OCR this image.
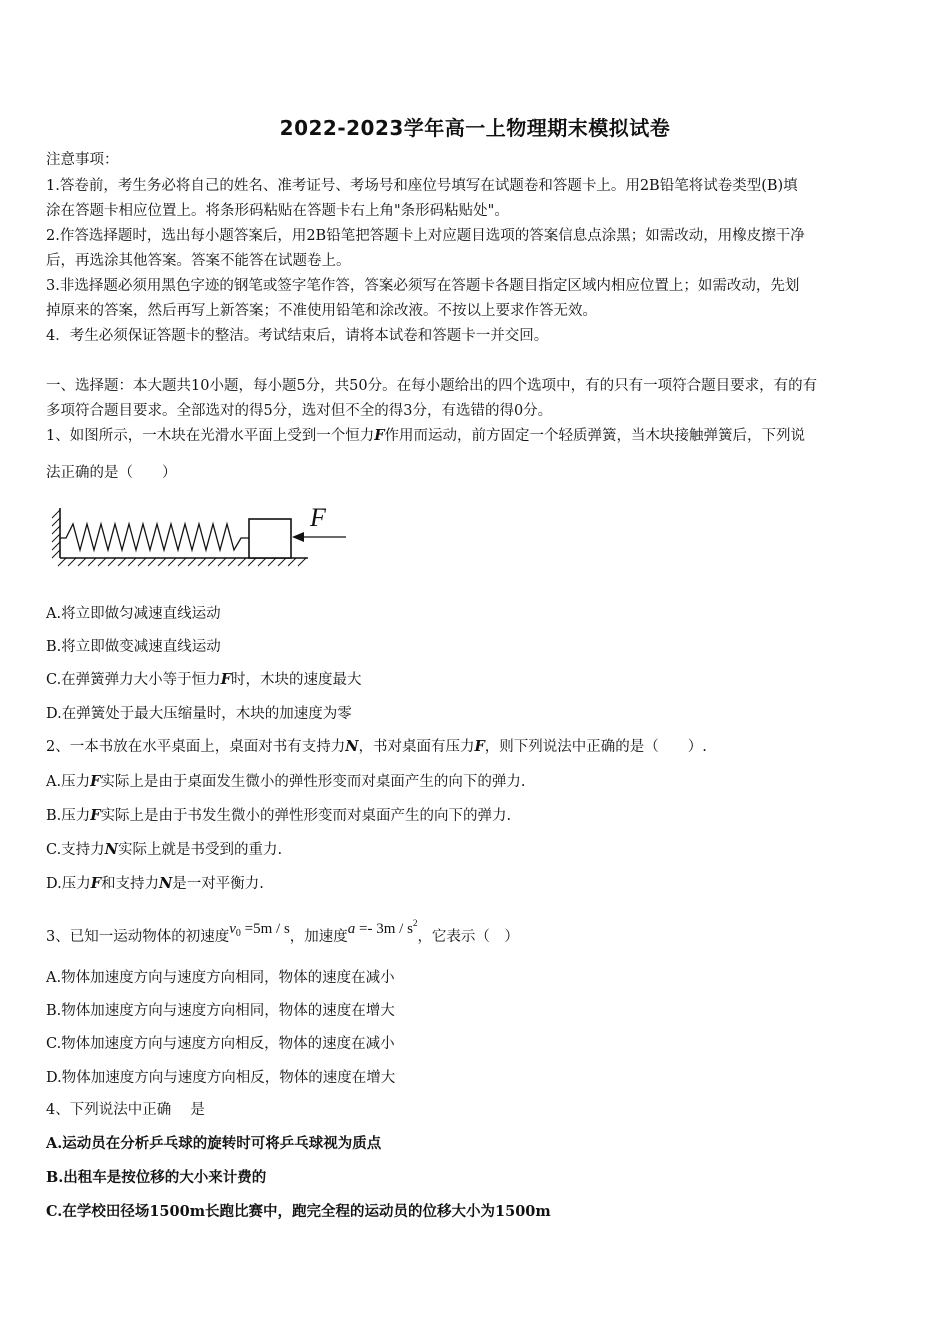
2022-2023学年高一上物理期末模拟试卷
注意事项：
1.答卷前，考生务必将自己的姓名、准考证号、考场号和座位号填写在试题卷和答题卡上。用2B铅笔将试卷类型(B)填
涂在答题卡相应位置上。将条形码粘贴在答题卡右上角"条形码粘贴处"。
2.作答选择题时，选出每小题答案后，用2B铅笔把答题卡上对应题目选项的答案信息点涂黑；如需改动，用橡皮擦干净
后，再选涂其他答案。答案不能答在试题卷上。
3.非选择题必须用黑色字迹的钢笔或签字笔作答，答案必须写在答题卡各题目指定区域内相应位置上；如需改动，先划
掉原来的答案，然后再写上新答案；不准使用铅笔和涂改液。不按以上要求作答无效。
4．考生必须保证答题卡的整洁。考试结束后，请将本试卷和答题卡一并交回。
一、选择题：本大题共10小题，每小题5分，共50分。在每小题给出的四个选项中，有的只有一项符合题目要求，有的有
多项符合题目要求。全部选对的得5分，选对但不全的得3分，有选错的得0分。
1、如图所示，一木块在光滑水平面上受到一个恒力F作用而运动，前方固定一个轻质弹簧，当木块接触弹簧后，下列说
法正确的是（　　）
F
A.将立即做匀减速直线运动
B.将立即做变减速直线运动
C.在弹簧弹力大小等于恒力F时，木块的速度最大
D.在弹簧处于最大压缩量时，木块的加速度为零
2、一本书放在水平桌面上，桌面对书有支持力N，书对桌面有压力F，则下列说法中正确的是（　　）.
A.压力F实际上是由于桌面发生微小的弹性形变而对桌面产生的向下的弹力.
B.压力F实际上是由于书发生微小的弹性形变而对桌面产生的向下的弹力.
C.支持力N实际上就是书受到的重力.
D.压力F和支持力N是一对平衡力.
3、已知一运动物体的初速度$v_0 =5m / s$，加速度$a =- 3m / s^2$，它表示（　）
A.物体加速度方向与速度方向相同，物体的速度在减小
B.物体加速度方向与速度方向相同，物体的速度在增大
C.物体加速度方向与速度方向相反，物体的速度在减小
D.物体加速度方向与速度方向相反，物体的速度在增大
4、下列说法中正确　 是
A.运动员在分析乒乓球的旋转时可将乒乓球视为质点
B.出租车是按位移的大小来计费的
C.在学校田径场1500m长跑比赛中，跑完全程的运动员的位移大小为1500m
